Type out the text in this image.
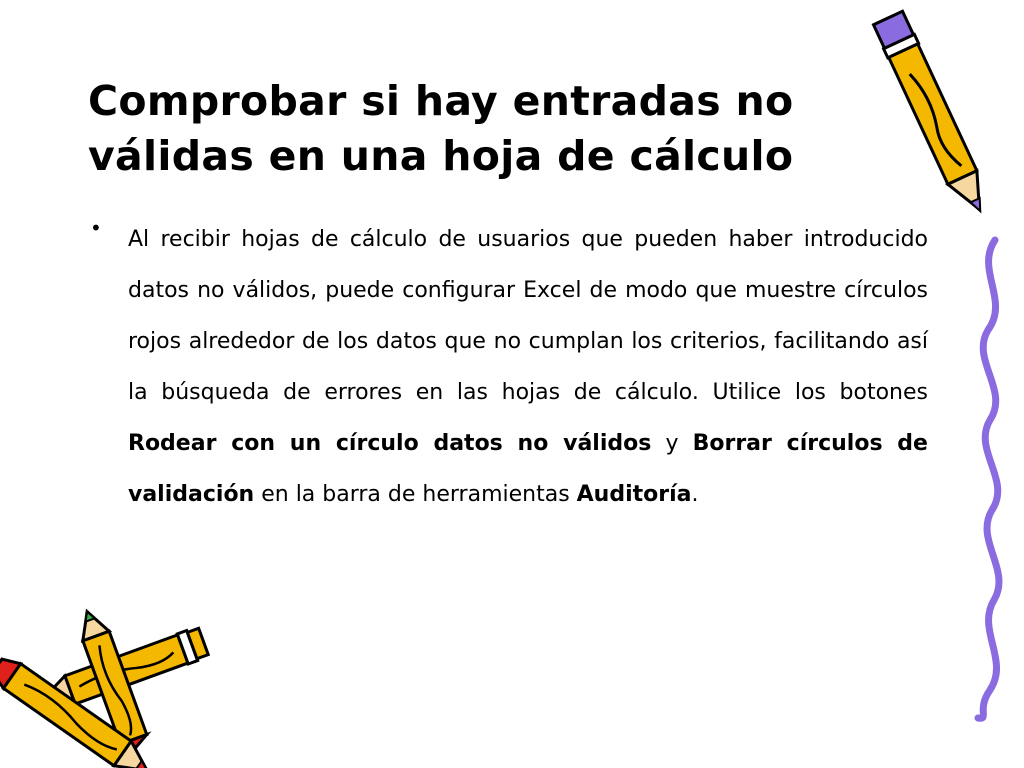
Comprobar si hay entradas no
válidas en una hoja de cálculo
• Al recibir hojas de cálculo de usuarios que pueden haber introducido datos no válidos, puede configurar Excel de modo que muestre círculos rojos alrededor de los datos que no cumplan los criterios, facilitando así la búsqueda de errores en las hojas de cálculo. Utilice los botones Rodear con un círculo datos no válidos y Borrar círculos de validación en la barra de herramientas Auditoría.
